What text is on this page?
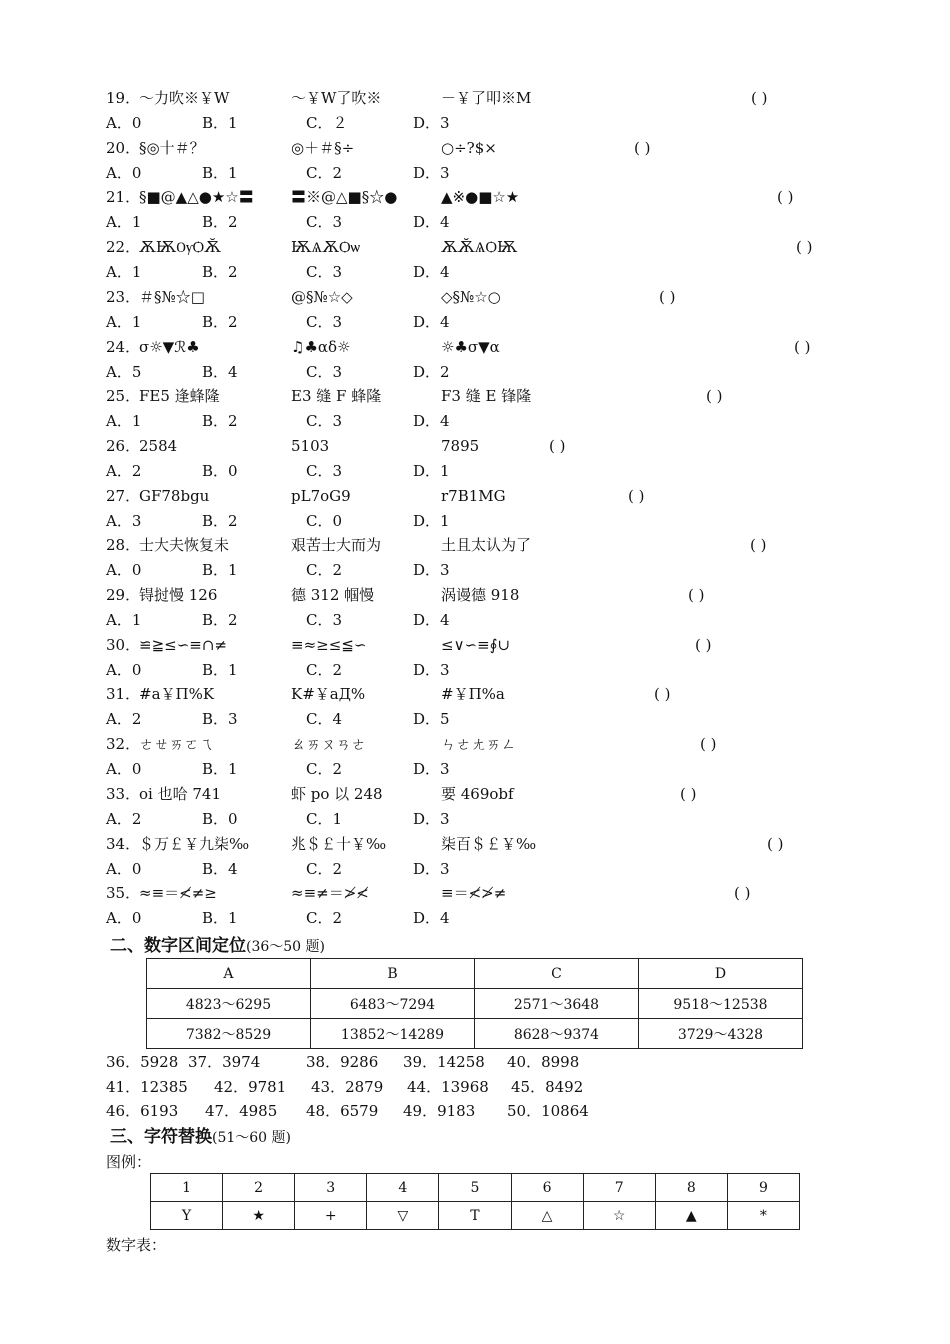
19．
～力吹※￥W	～￥W了吹※	－￥了叩※M	( )
A．0	B．1	C．２	D．3
20．
§◎十＃？	◎＋＃§÷	○÷?$×	( )
A．0	B．1	C．2	D．3
21．
§■@▲△●★☆〓 〓※@△■§☆●	▲※●■☆★	( )
A．1	B．2	C．3	D．4
22．
ѪѬѸѺѪ̆	ѬѦѪѺѡ	ѪѪ̆ѦѺѬ	( )
A．1	B．2	C．3	D．4
23．
＃§№☆□	@§№☆◇	◇§№☆○	( )
A．1	B．2	C．3	D．4
24．
σ☼▼ℛ♣	♫♣αδ☼	☼♣σ▼α	( )
A．5	B．4	C．3	D．2
25．
FE5 逢蜂隆	E3 缝 F 蜂隆	F3 缝 E 锋隆	( )
A．1	B．2	C．3	D．4
26．
2584	5103	7895	( )
A．2	B．0	C．3	D．1
27．
GF78bgu	pL7oG9	r7B1MG	( )
A．3	B．2	C．0	D．1
28．
士大夫恢复未	艰苦士大而为	土且太认为了	( )
A．0	B．1	C．2	D．3
29．
锝挝慢 126	德 312 帼慢	涡谩德 918	( )
A．1	B．2	C．3	D．4
30．
≌≧≤∽≡∩≠	≡≈≥≤≦∽	≤∨∽≡∮∪	( )
A．0	B．1	C．2	D．3
31．
#a￥П%K	K#￥aД%	#￥П%a	( )
A．2	B．3	C．4	D．5
32．
ㄜㄝㄞㄛㄟ	ㄠㄞㄡㄢㄜ	ㄣㄜㄤㄞㄥ	( )
A．0	B．1	C．2	D．3
33．
oi 也哈 741	虾 po 以 248	要 469obf	( )
A．2	B．0	C．1	D．3
34．
＄万￡￥九柒‰	兆＄￡十￥‰	柒百＄￡￥‰	( )
A．0	B．4	C．2	D．3
35．
≈≡＝≮≠≥	≈≡≠＝≯≮	≡＝≮≯≠	( )
A．0	B．1	C．2	D．4
二、数字区间定位(36～50 题)
A	B	C	D
4823～6295	6483～7294	2571～3648	9518～12538
7382～8529	13852～14289	8628～9374	3729～4328
36．5928 37．3974	38．9286 39．14258 40．8998
41．12385 42．9781 43．2879 44．13968 45．8492
46．6193 47．4985 48．6579 49．9183 50．10864
三、字符替换(51～60 题)
图例：
1	2	3	4	5	6	7	8	9
Y	★	+	▽	T	△	☆	▲	*
数字表：
